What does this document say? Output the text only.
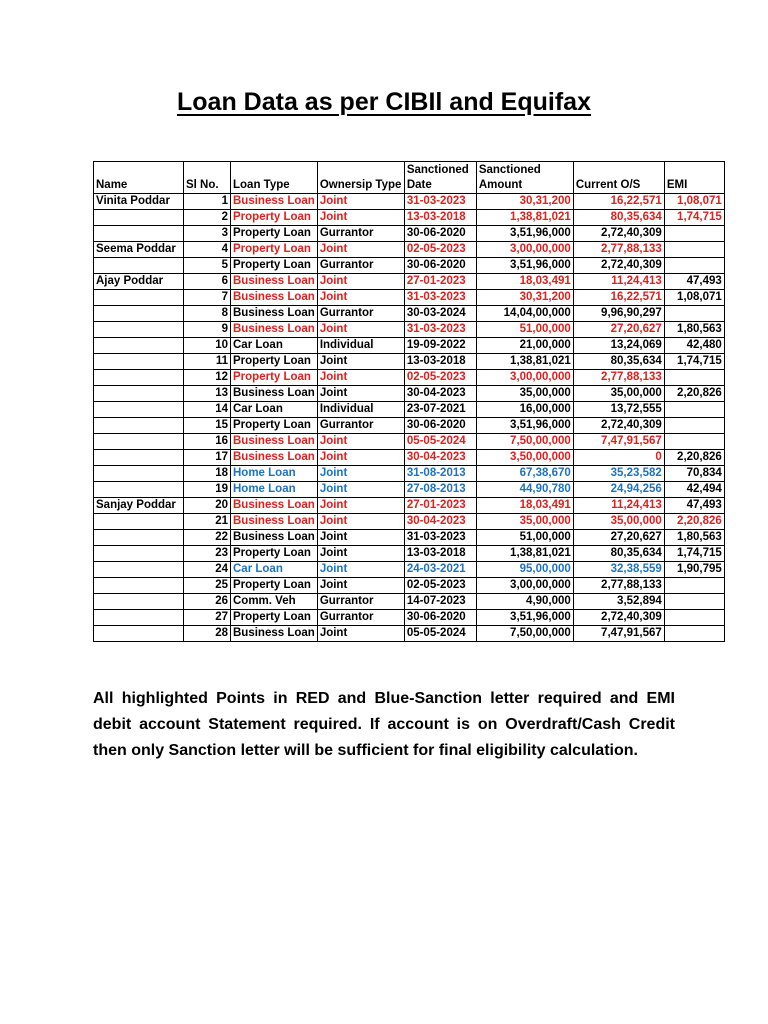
Loan Data as per CIBIl and Equifax
Name	Sl No.	Loan Type	Ownersip Type	Sanctioned Date	Sanctioned Amount	Current O/S	EMI
Vinita Poddar	1	Business Loan	Joint	31-03-2023	30,31,200	16,22,571	1,08,071
	2	Property Loan	Joint	13-03-2018	1,38,81,021	80,35,634	1,74,715
	3	Property Loan	Gurrantor	30-06-2020	3,51,96,000	2,72,40,309	
Seema Poddar	4	Property Loan	Joint	02-05-2023	3,00,00,000	2,77,88,133	
	5	Property Loan	Gurrantor	30-06-2020	3,51,96,000	2,72,40,309	
Ajay Poddar	6	Business Loan	Joint	27-01-2023	18,03,491	11,24,413	47,493
	7	Business Loan	Joint	31-03-2023	30,31,200	16,22,571	1,08,071
	8	Business Loan	Gurrantor	30-03-2024	14,04,00,000	9,96,90,297	
	9	Business Loan	Joint	31-03-2023	51,00,000	27,20,627	1,80,563
	10	Car Loan	Individual	19-09-2022	21,00,000	13,24,069	42,480
	11	Property Loan	Joint	13-03-2018	1,38,81,021	80,35,634	1,74,715
	12	Property Loan	Joint	02-05-2023	3,00,00,000	2,77,88,133	
	13	Business Loan	Joint	30-04-2023	35,00,000	35,00,000	2,20,826
	14	Car Loan	Individual	23-07-2021	16,00,000	13,72,555	
	15	Property Loan	Gurrantor	30-06-2020	3,51,96,000	2,72,40,309	
	16	Business Loan	Joint	05-05-2024	7,50,00,000	7,47,91,567	
	17	Business Loan	Joint	30-04-2023	3,50,00,000	0	2,20,826
	18	Home Loan	Joint	31-08-2013	67,38,670	35,23,582	70,834
	19	Home Loan	Joint	27-08-2013	44,90,780	24,94,256	42,494
Sanjay Poddar	20	Business Loan	Joint	27-01-2023	18,03,491	11,24,413	47,493
	21	Business Loan	Joint	30-04-2023	35,00,000	35,00,000	2,20,826
	22	Business Loan	Joint	31-03-2023	51,00,000	27,20,627	1,80,563
	23	Property Loan	Joint	13-03-2018	1,38,81,021	80,35,634	1,74,715
	24	Car Loan	Joint	24-03-2021	95,00,000	32,38,559	1,90,795
	25	Property Loan	Joint	02-05-2023	3,00,00,000	2,77,88,133	
	26	Comm. Veh	Gurrantor	14-07-2023	4,90,000	3,52,894	
	27	Property Loan	Gurrantor	30-06-2020	3,51,96,000	2,72,40,309	
	28	Business Loan	Joint	05-05-2024	7,50,00,000	7,47,91,567	
All highlighted Points in RED and Blue-Sanction letter required and EMI debit account Statement required. If account is on Overdraft/Cash Credit then only Sanction letter will be sufficient for final eligibility calculation.
